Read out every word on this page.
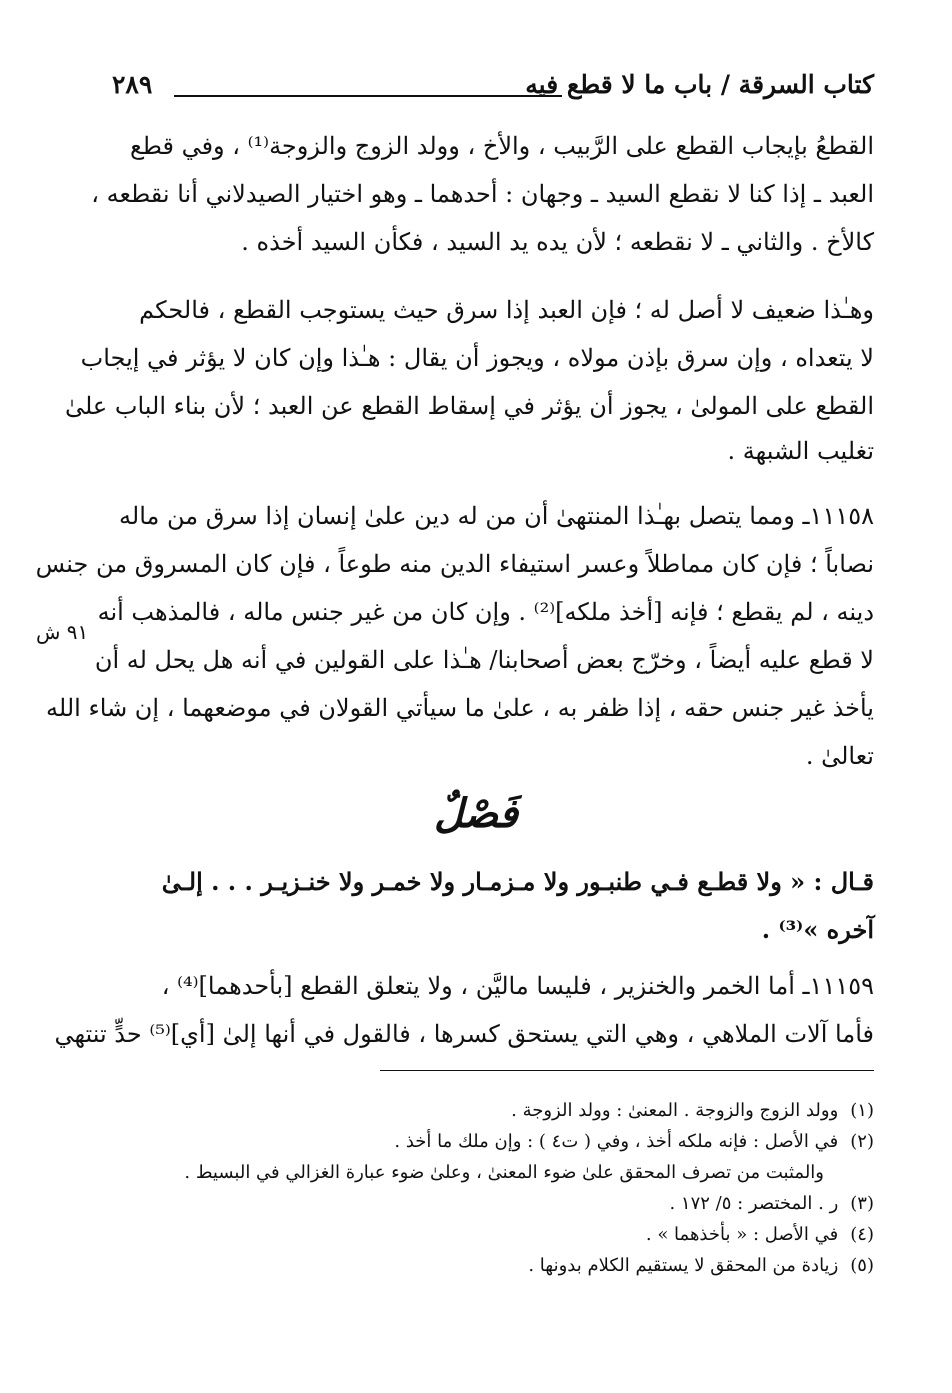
كتاب السرقة / باب ما لا قطع فيه
٢٨٩
٩١ ش
القطعُ بإيجاب القطع على الرَّبيب ، والأخ ، وولد الزوج والزوجة⁽¹⁾ ، وفي قطع
العبد ـ إذا كنا لا نقطع السيد ـ وجهان : أحدهما ـ وهو اختيار الصيدلاني أنا نقطعه ،
كالأخ . والثاني ـ لا نقطعه ؛ لأن يده يد السيد ، فكأن السيد أخذه .
وهـٰذا ضعيف لا أصل له ؛ فإن العبد إذا سرق حيث يستوجب القطع ، فالحكم
لا يتعداه ، وإن سرق بإذن مولاه ، ويجوز أن يقال : هـٰذا وإن كان لا يؤثر في إيجاب
القطع على المولىٰ ، يجوز أن يؤثر في إسقاط القطع عن العبد ؛ لأن بناء الباب علىٰ
تغليب الشبهة .
١١١٥٨ـ ومما يتصل بهـٰذا المنتهىٰ أن من له دين علىٰ إنسان إذا سرق من ماله
نصاباً ؛ فإن كان مماطلاً وعسر استيفاء الدين منه طوعاً ، فإن كان المسروق من جنس
دينه ، لم يقطع ؛ فإنه [أخذ ملكه]⁽²⁾ . وإن كان من غير جنس ماله ، فالمذهب أنه
لا قطع عليه أيضاً ، وخرّج بعض أصحابنا/ هـٰذا على القولين في أنه هل يحل له أن
يأخذ غير جنس حقه ، إذا ظفر به ، علىٰ ما سيأتي القولان في موضعهما ، إن شاء الله
تعالىٰ .
فَصْلٌ
قـال : « ولا قطـع فـي طنبـور ولا مـزمـار ولا خمـر ولا خنـزيـر . . . إلـىٰ
آخره »⁽³⁾ .
١١١٥٩ـ أما الخمر والخنزير ، فليسا ماليَّن ، ولا يتعلق القطع [بأحدهما]⁽⁴⁾ ،
فأما آلات الملاهي ، وهي التي يستحق كسرها ، فالقول في أنها إلىٰ [أي]⁽⁵⁾ حدٍّ تنتهي
(١) وولد الزوج والزوجة . المعنىٰ : وولد الزوجة .
(٢) في الأصل : فإنه ملكه أخذ ، وفي ( ت٤ ) : وإن ملك ما أخذ .
والمثبت من تصرف المحقق علىٰ ضوء المعنىٰ ، وعلىٰ ضوء عبارة الغزالي في البسيط .
(٣) ر . المختصر : ٥/ ١٧٢ .
(٤) في الأصل : « بأخذهما » .
(٥) زيادة من المحقق لا يستقيم الكلام بدونها .
